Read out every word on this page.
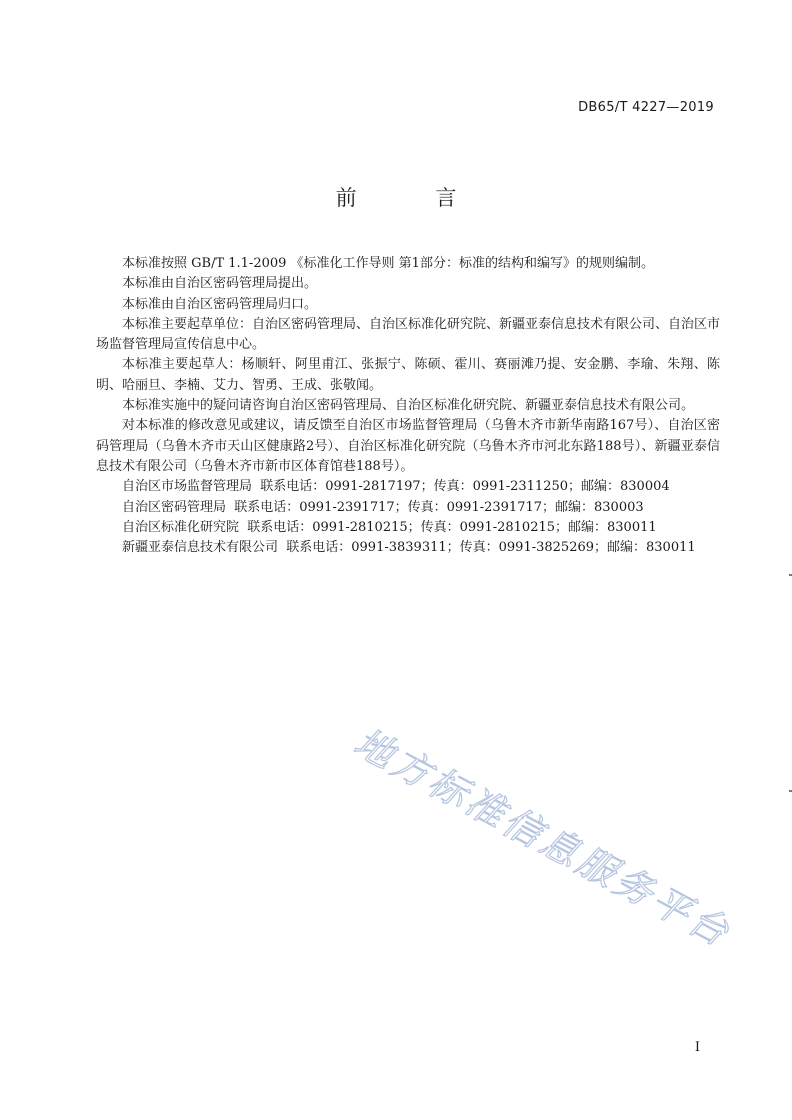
DB65/T 4227—2019
前 言

本标准按照 GB/T 1.1-2009 《标准化工作导则 第1部分：标准的结构和编写》的规则编制。

本标准由自治区密码管理局提出。

本标准由自治区密码管理局归口。

本标准主要起草单位：自治区密码管理局、自治区标准化研究院、新疆亚泰信息技术有限公司、自治区市场监督管理局宣传信息中心。

本标准主要起草人：杨顺轩、阿里甫江、张振宁、陈硕、霍川、赛丽滩乃提、安金鹏、李瑜、朱翔、陈明、哈丽旦、李楠、艾力、智勇、王成、张敬闻。

本标准实施中的疑问请咨询自治区密码管理局、自治区标准化研究院、新疆亚泰信息技术有限公司。

对本标准的修改意见或建议，请反馈至自治区市场监督管理局（乌鲁木齐市新华南路167号）、自治区密码管理局（乌鲁木齐市天山区健康路2号）、自治区标准化研究院（乌鲁木齐市河北东路188号）、新疆亚泰信息技术有限公司（乌鲁木齐市新市区体育馆巷188号）。

自治区市场监督管理局  联系电话：0991-2817197；传真：0991-2311250；邮编：830004

自治区密码管理局  联系电话：0991-2391717；传真：0991-2391717；邮编：830003

自治区标准化研究院  联系电话：0991-2810215；传真：0991-2810215；邮编：830011

新疆亚泰信息技术有限公司  联系电话：0991-3839311；传真：0991-3825269；邮编：830011

地方标准信息服务平台
I
